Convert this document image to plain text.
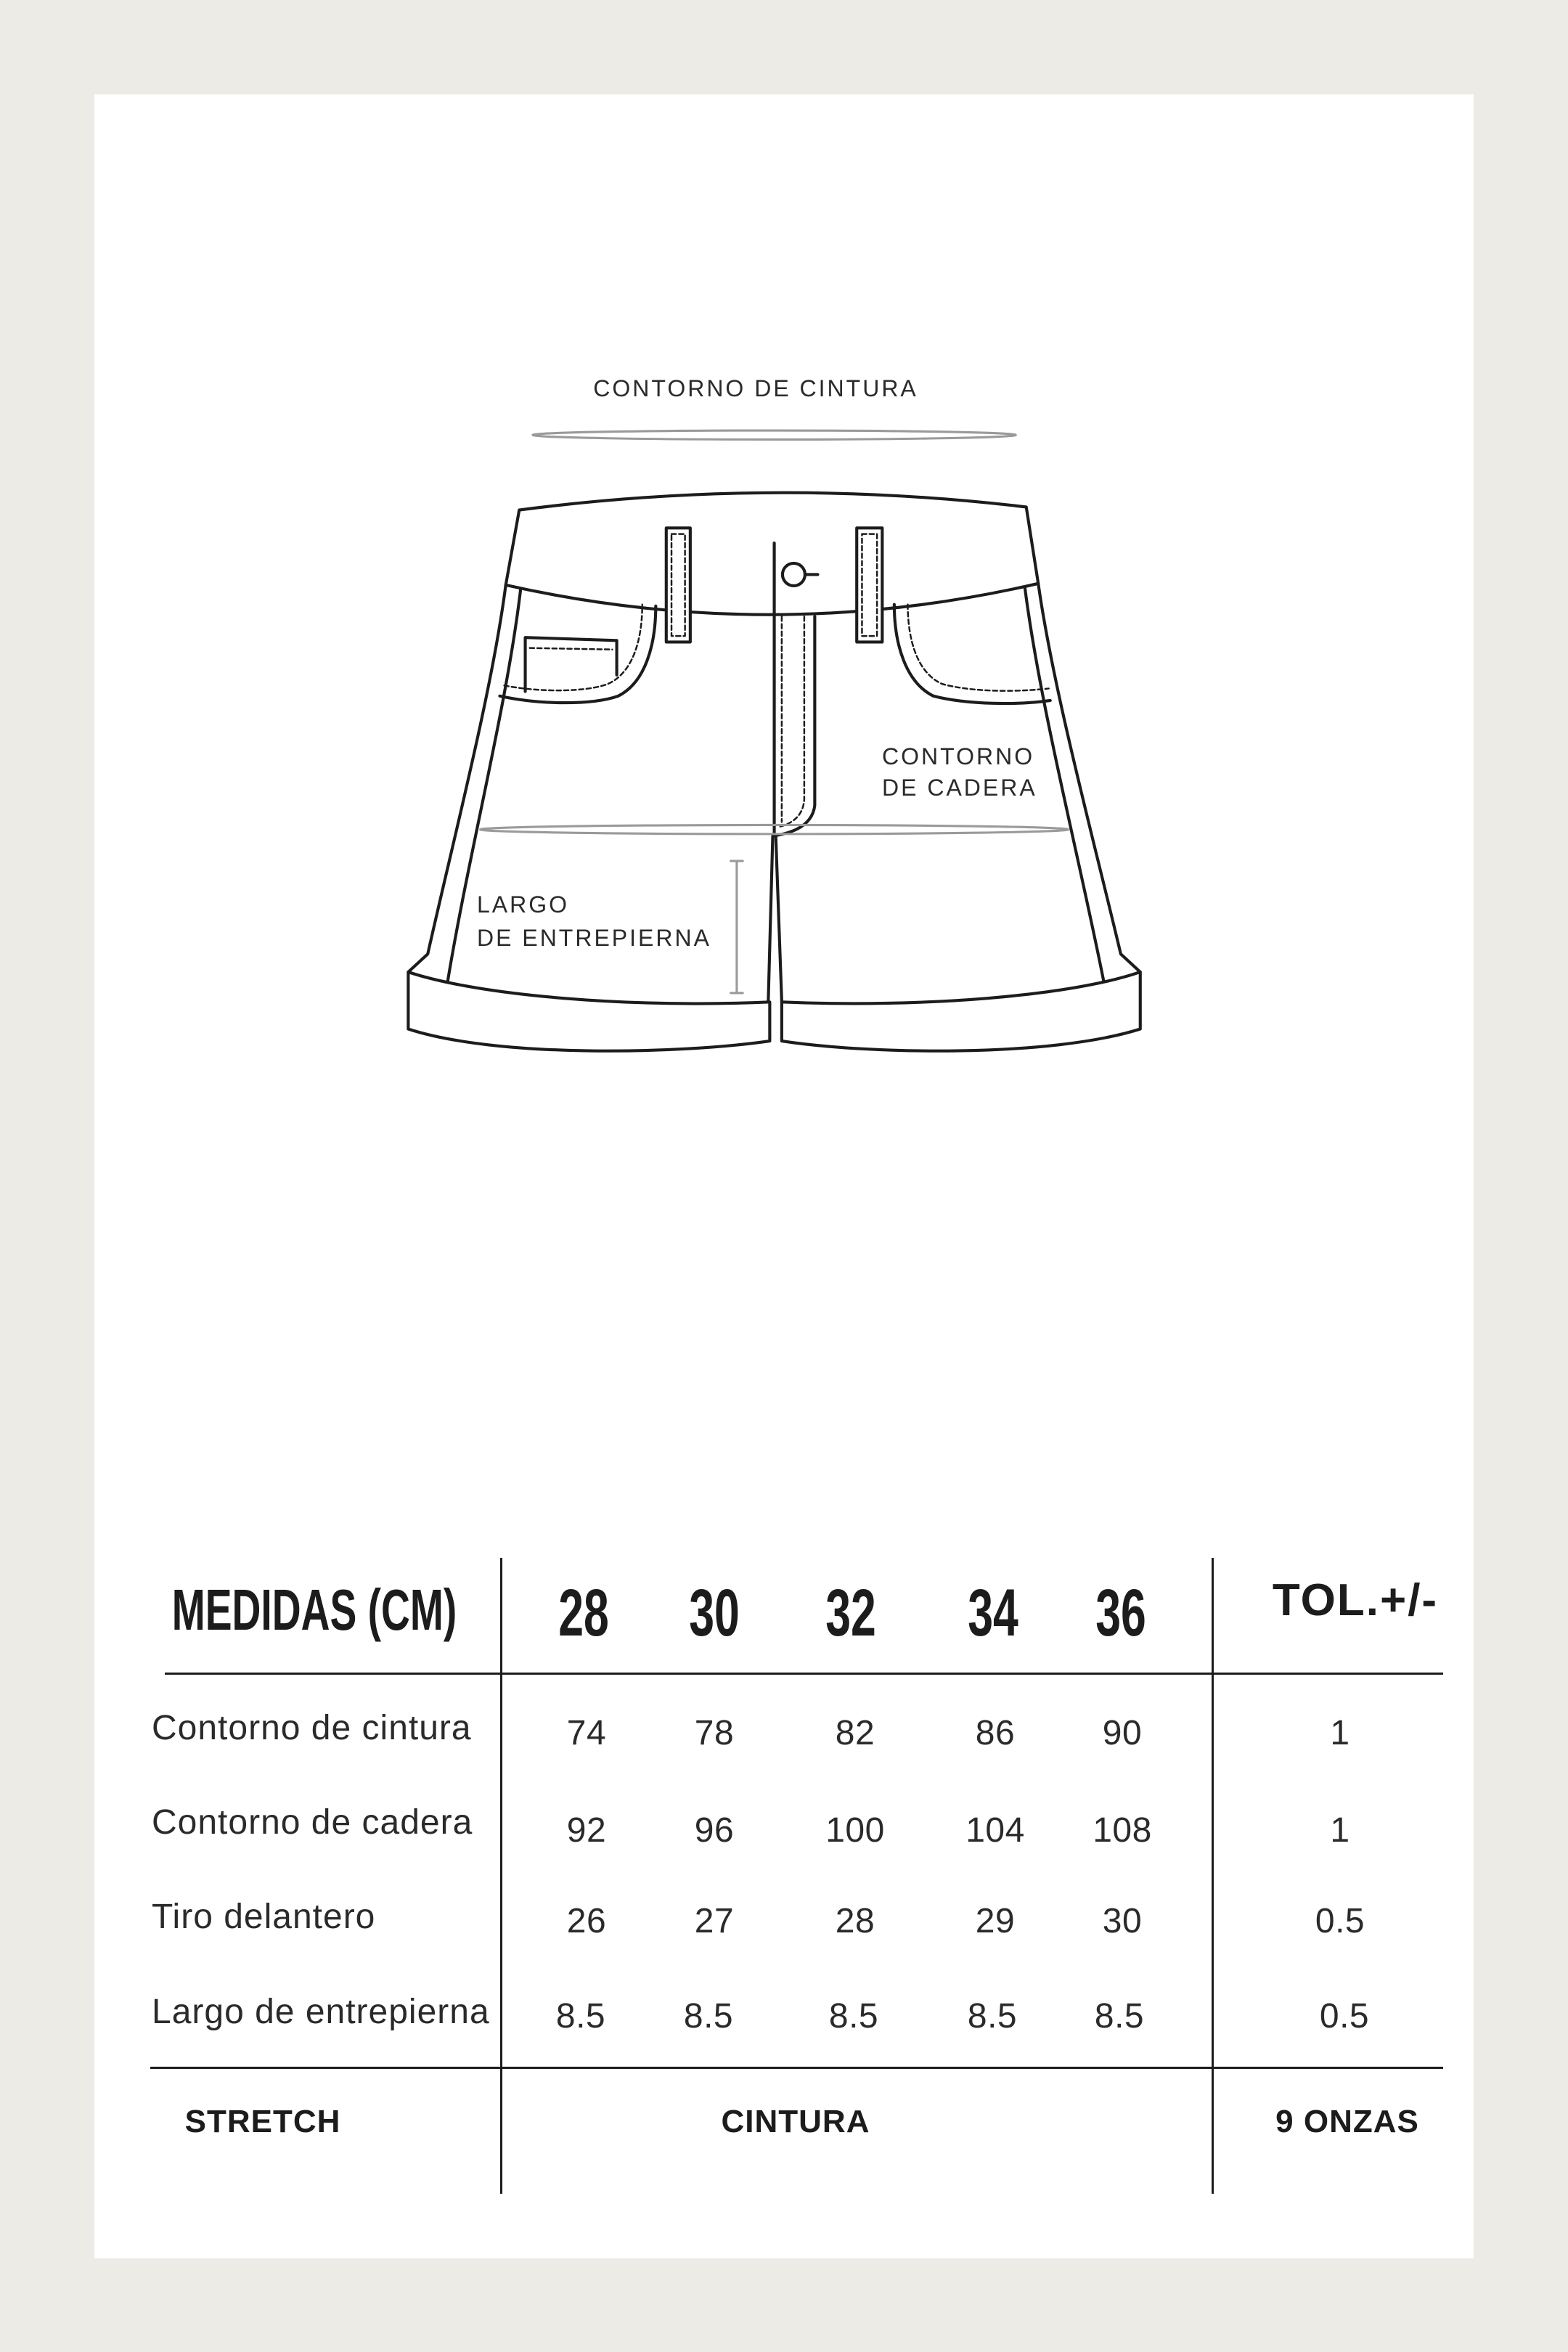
CONTORNO DE CINTURA
CONTORNO
DE CADERA
LARGO
DE ENTREPIERNA
MEDIDAS (CM) 28 30 32 34 36	TOL.+/-
Contorno de cintura	74	78	82	86	90	1
Contorno de cadera	92	96	100 104 108	1
Tiro delantero	26	27	28	29	30	0.5
Largo de entrepierna 8.5 8.5	8.5	8.5 8.5	0.5
STRETCH	CINTURA	9 ONZAS
